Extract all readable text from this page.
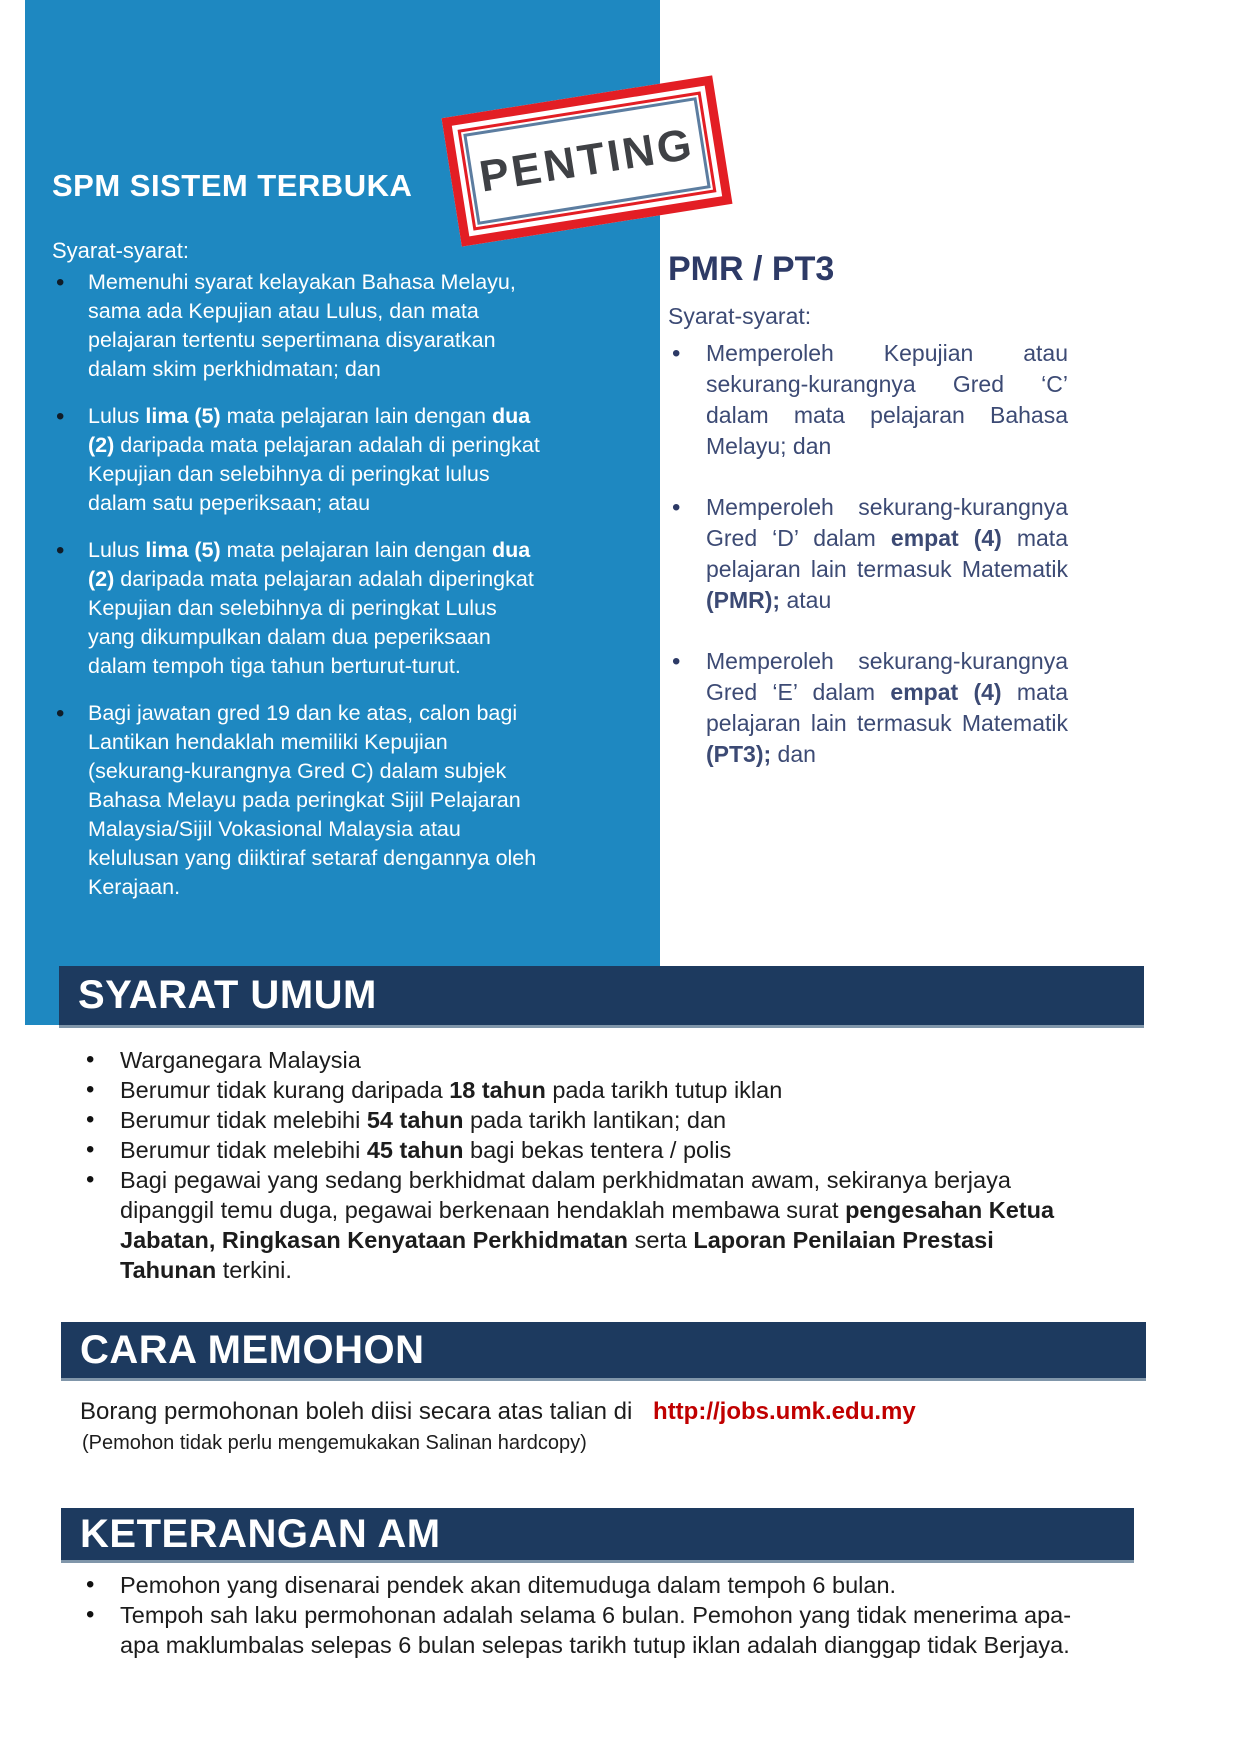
SPM SISTEM TERBUKA
Syarat-syarat:
• Memenuhi syarat kelayakan Bahasa Melayu, sama ada Kepujian atau Lulus, dan mata pelajaran tertentu sepertimana disyaratkan dalam skim perkhidmatan; dan
• Lulus lima (5) mata pelajaran lain dengan dua (2) daripada mata pelajaran adalah di peringkat Kepujian dan selebihnya di peringkat lulus dalam satu peperiksaan; atau
• Lulus lima (5) mata pelajaran lain dengan dua (2) daripada mata pelajaran adalah diperingkat Kepujian dan selebihnya di peringkat Lulus yang dikumpulkan dalam dua peperiksaan dalam tempoh tiga tahun berturut-turut.
• Bagi jawatan gred 19 dan ke atas, calon bagi Lantikan hendaklah memiliki Kepujian (sekurang-kurangnya Gred C) dalam subjek Bahasa Melayu pada peringkat Sijil Pelajaran Malaysia/Sijil Vokasional Malaysia atau kelulusan yang diiktiraf setaraf dengannya oleh Kerajaan.
PENTING
PMR / PT3
Syarat-syarat:
• Memperoleh Kepujian atau sekurang-kurangnya Gred ‘C’ dalam mata pelajaran Bahasa Melayu; dan
• Memperoleh sekurang-kurangnya Gred ‘D’ dalam empat (4) mata pelajaran lain termasuk Matematik (PMR); atau
• Memperoleh sekurang-kurangnya Gred ‘E’ dalam empat (4) mata pelajaran lain termasuk Matematik (PT3); dan
SYARAT UMUM
• Warganegara Malaysia
• Berumur tidak kurang daripada 18 tahun pada tarikh tutup iklan
• Berumur tidak melebihi 54 tahun pada tarikh lantikan; dan
• Berumur tidak melebihi 45 tahun bagi bekas tentera / polis
• Bagi pegawai yang sedang berkhidmat dalam perkhidmatan awam, sekiranya berjaya dipanggil temu duga, pegawai berkenaan hendaklah membawa surat pengesahan Ketua Jabatan, Ringkasan Kenyataan Perkhidmatan serta Laporan Penilaian Prestasi Tahunan terkini.
CARA MEMOHON
Borang permohonan boleh diisi secara atas talian di http://jobs.umk.edu.my
(Pemohon tidak perlu mengemukakan Salinan hardcopy)
KETERANGAN AM
• Pemohon yang disenarai pendek akan ditemuduga dalam tempoh 6 bulan.
• Tempoh sah laku permohonan adalah selama 6 bulan. Pemohon yang tidak menerima apa-apa maklumbalas selepas 6 bulan selepas tarikh tutup iklan adalah dianggap tidak Berjaya.
